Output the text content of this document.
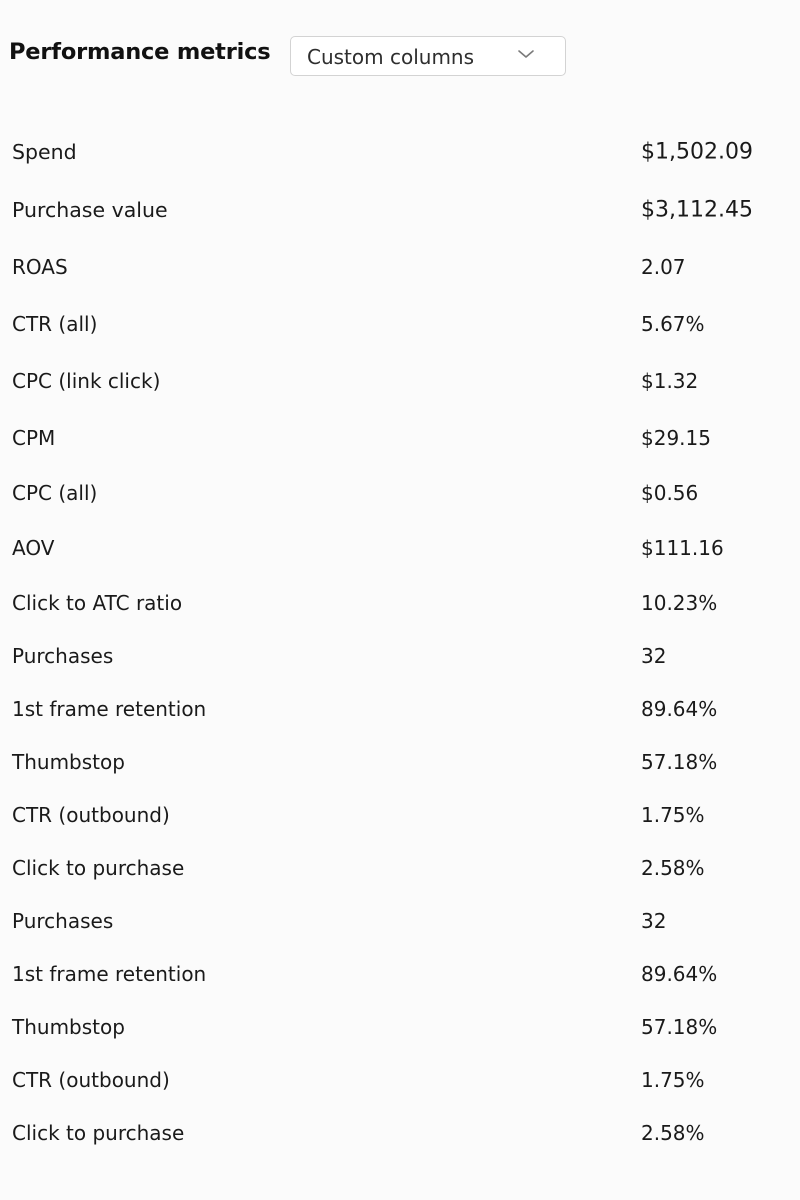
Performance metrics Custom columns
Spend	$1,502.09
Purchase value	$3,112.45
ROAS	2.07
CTR (all)	5.67%
CPC (link click)	$1.32
CPM	$29.15
CPC (all)	$0.56
AOV	$111.16
Click to ATC ratio	10.23%
Purchases	32
1st frame retention	89.64%
Thumbstop	57.18%
CTR (outbound)	1.75%
Click to purchase	2.58%
Purchases	32
1st frame retention	89.64%
Thumbstop	57.18%
CTR (outbound)	1.75%
Click to purchase	2.58%
